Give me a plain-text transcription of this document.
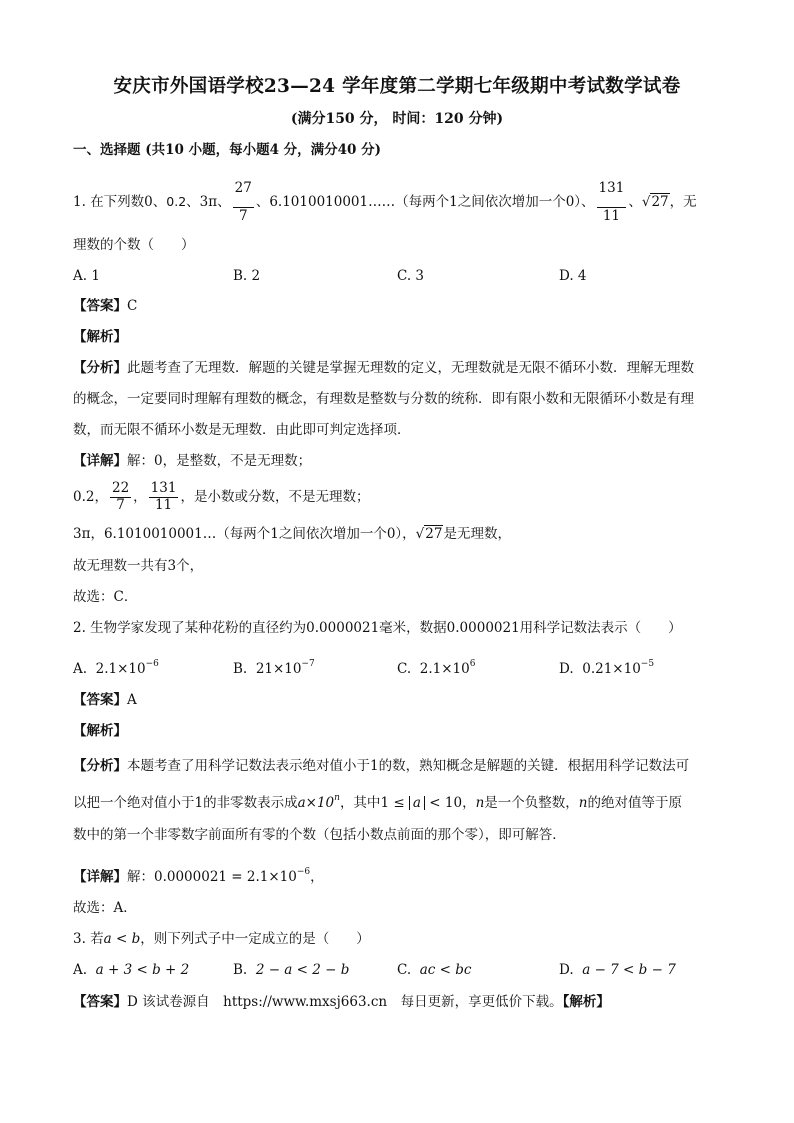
安庆市外国语学校23—24 学年度第二学期七年级期中考试数学试卷
(满分150 分， 时间：120 分钟)
一、选择题 (共10 小题，每小题4 分，满分40 分)
1. 在下列数0、0.2、3π、 $\frac{27}{7}$ 、6.1010010001……（每两个1之间依次增加一个0）、 $\frac{131}{11}$ 、√27，无
理数的个数（　　）
A. 1	B. 2	C. 3	D. 4
【答案】C
【解析】
【分析】此题考查了无理数．解题的关键是掌握无理数的定义，无理数就是无限不循环小数．理解无理数
的概念，一定要同时理解有理数的概念，有理数是整数与分数的统称．即有限小数和无限循环小数是有理
数，而无限不循环小数是无理数．由此即可判定选择项．
【详解】解：0，是整数，不是无理数；
0.2， $\frac{22}{7}$ ， $\frac{131}{11}$ ，是小数或分数，不是无理数；
3π，6.1010010001…（每两个1之间依次增加一个0），√27是无理数，
故无理数一共有3个，
故选：C．
2. 生物学家发现了某种花粉的直径约为0.0000021毫米，数据0.0000021用科学记数法表示（　　）
A. $2.1\times 10^{-6}$	B. $21\times 10^{-7}$	C. $2.1\times 10^6$	D. $0.21\times 10^{-5}$
【答案】A
【解析】
【分析】本题考查了用科学记数法表示绝对值小于1的数，熟知概念是解题的关键．根据用科学记数法可
以把一个绝对值小于1的非零数表示成$a\times 10^n$，其中1 ≤ a < 10，n是一个负整数，n的绝对值等于原
数中的第一个非零数字前面所有零的个数（包括小数点前面的那个零），即可解答．
【详解】解：$0.0000021 = 2.1\times 10^{-6}$，
故选：A．
3. 若a < b，则下列式子中一定成立的是（　　）
A. a + 3 < b + 2	B. 2 − a < 2 − b	C. ac < bc	D. a − 7 < b − 7
【答案】D 该试卷源自　https://www.mxsj663.cn　每日更新，享更低价下载。【解析】
